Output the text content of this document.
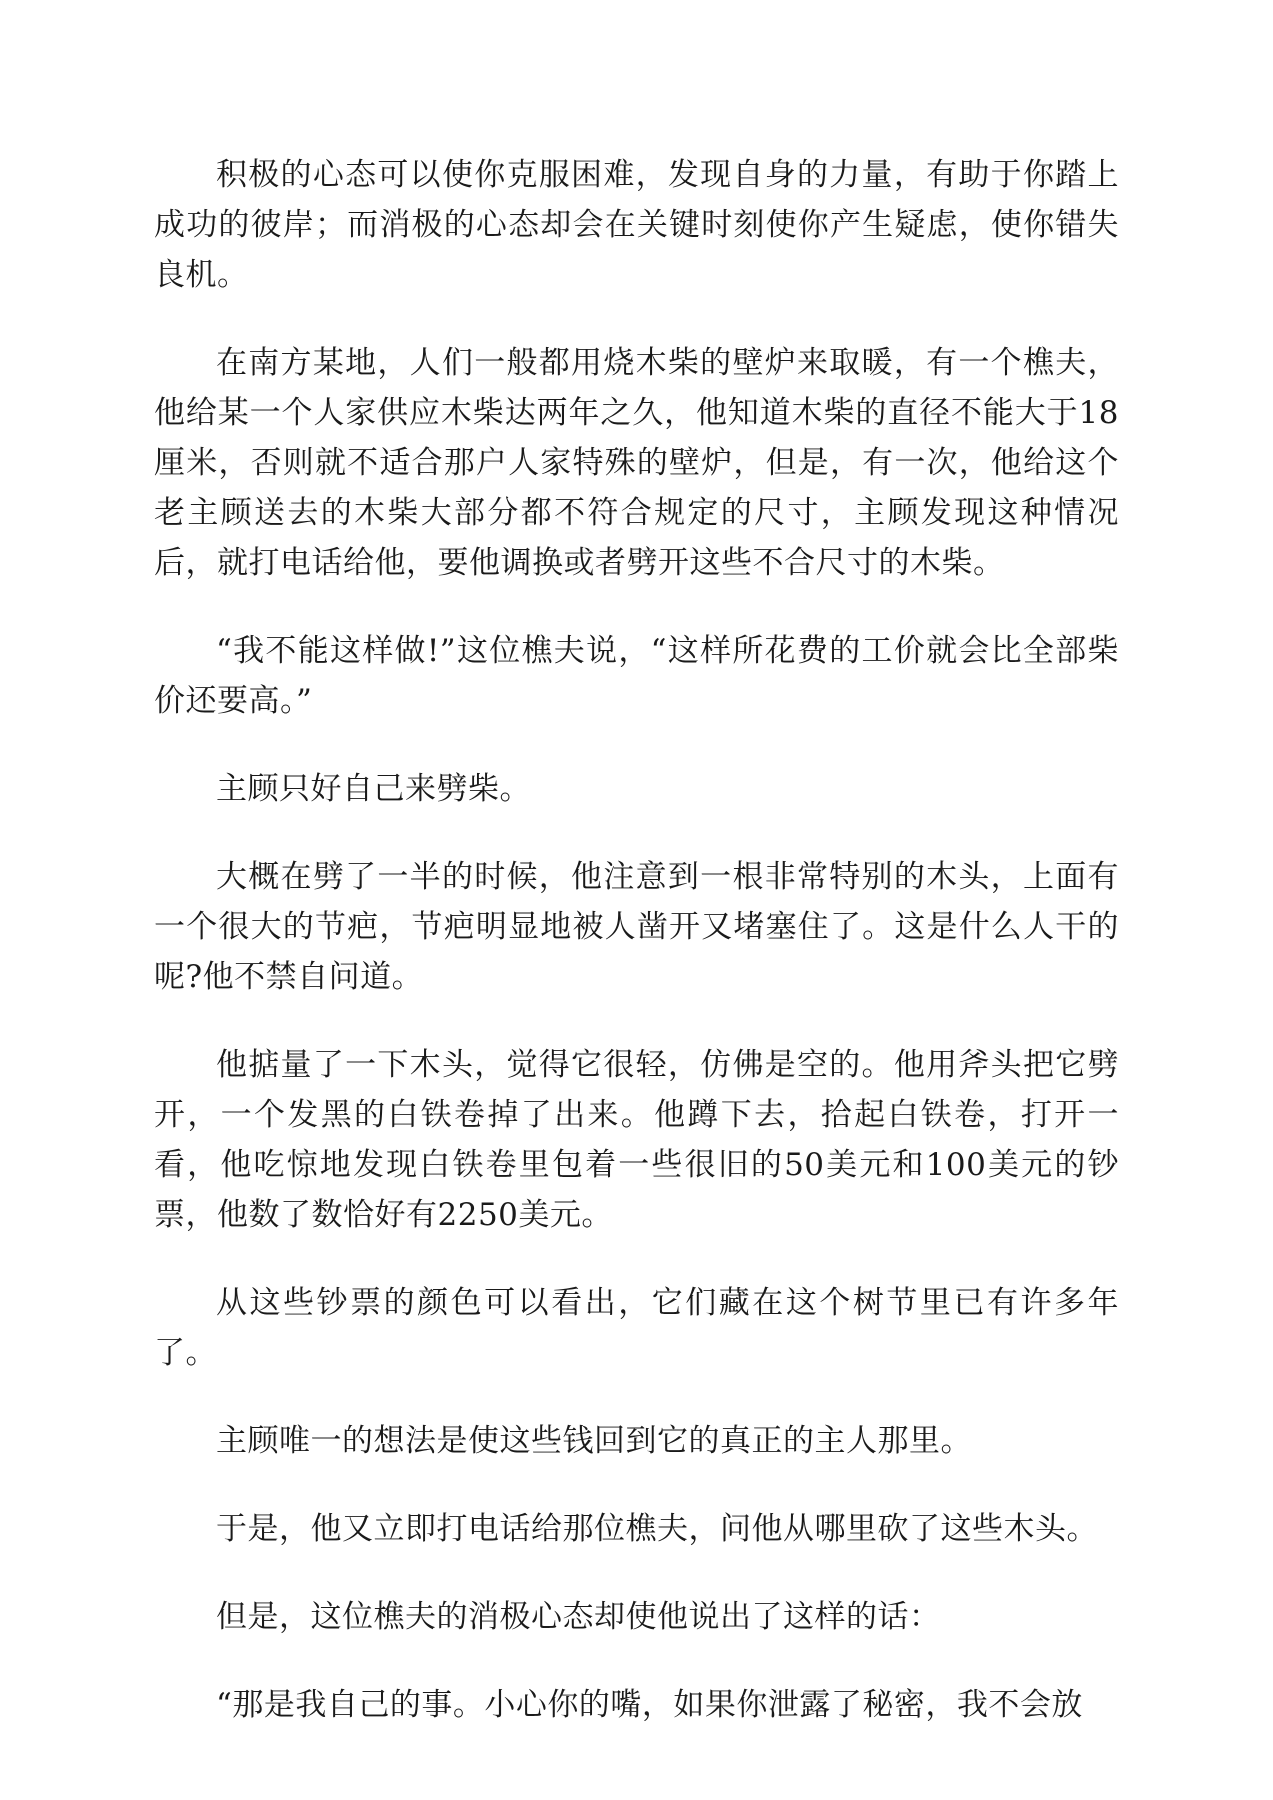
积极的心态可以使你克服困难，发现自身的力量，有助于你踏上成功的彼岸；而消极的心态却会在关键时刻使你产生疑虑，使你错失良机。

在南方某地，人们一般都用烧木柴的壁炉来取暖，有一个樵夫，他给某一个人家供应木柴达两年之久，他知道木柴的直径不能大于18厘米，否则就不适合那户人家特殊的壁炉，但是，有一次，他给这个老主顾送去的木柴大部分都不符合规定的尺寸，主顾发现这种情况后，就打电话给他，要他调换或者劈开这些不合尺寸的木柴。

“我不能这样做!”这位樵夫说，“这样所花费的工价就会比全部柴价还要高。”

主顾只好自己来劈柴。

大概在劈了一半的时候，他注意到一根非常特别的木头，上面有一个很大的节疤，节疤明显地被人凿开又堵塞住了。这是什么人干的呢?他不禁自问道。

他掂量了一下木头，觉得它很轻，仿佛是空的。他用斧头把它劈开，一个发黑的白铁卷掉了出来。他蹲下去，拾起白铁卷，打开一看，他吃惊地发现白铁卷里包着一些很旧的50美元和100美元的钞票，他数了数恰好有2250美元。

从这些钞票的颜色可以看出，它们藏在这个树节里已有许多年了。

主顾唯一的想法是使这些钱回到它的真正的主人那里。

于是，他又立即打电话给那位樵夫，问他从哪里砍了这些木头。

但是，这位樵夫的消极心态却使他说出了这样的话：

“那是我自己的事。小心你的嘴，如果你泄露了秘密，我不会放
